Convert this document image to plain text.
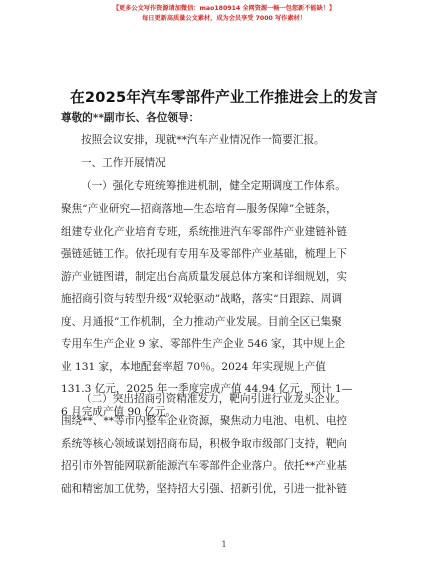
【更多公文写作资源请加微信：mao180914 全网资源一畅一包您新不能缺！】
每日更新高质量公文素材，成为会员享受 7000 写作素材！
在2025年汽车零部件产业工作推进会上的发言
尊敬的**副市长、各位领导：
按照会议安排，现就**汽车产业情况作一简要汇报。
一、工作开展情况
（一）强化专班统筹推进机制，健全定期调度工作体系。
聚焦“产业研究—招商落地—生态培育—服务保障”全链条，
组建专业化产业培育专班，系统推进汽车零部件产业建链补链
强链延链工作。依托现有专用车及零部件产业基础，梳理上下
游产业链图谱，制定出台高质量发展总体方案和详细规划，实
施招商引资与转型升级“双轮驱动”战略，落实“日跟踪、周调
度、月通报”工作机制，全力推动产业发展。目前全区已集聚
专用车生产企业 9 家、零部件生产企业 546 家，其中规上企
业 131 家，本地配套率超 70％。2024 年实现规上产值
131.3 亿元，2025 年一季度完成产值 44.94 亿元，预计 1—
6 月完成产值 90 亿元。
（二）突出招商引资精准发力，靶向引进行业龙头企业。
围绕**、**等市内整车企业资源，聚焦动力电池、电机、电控
系统等核心领域谋划招商布局，积极争取市级部门支持，靶向
招引市外智能网联新能源汽车零部件企业落户。依托**产业基
础和精密加工优势，坚持招大引强、招新引优，引进一批补链
1
